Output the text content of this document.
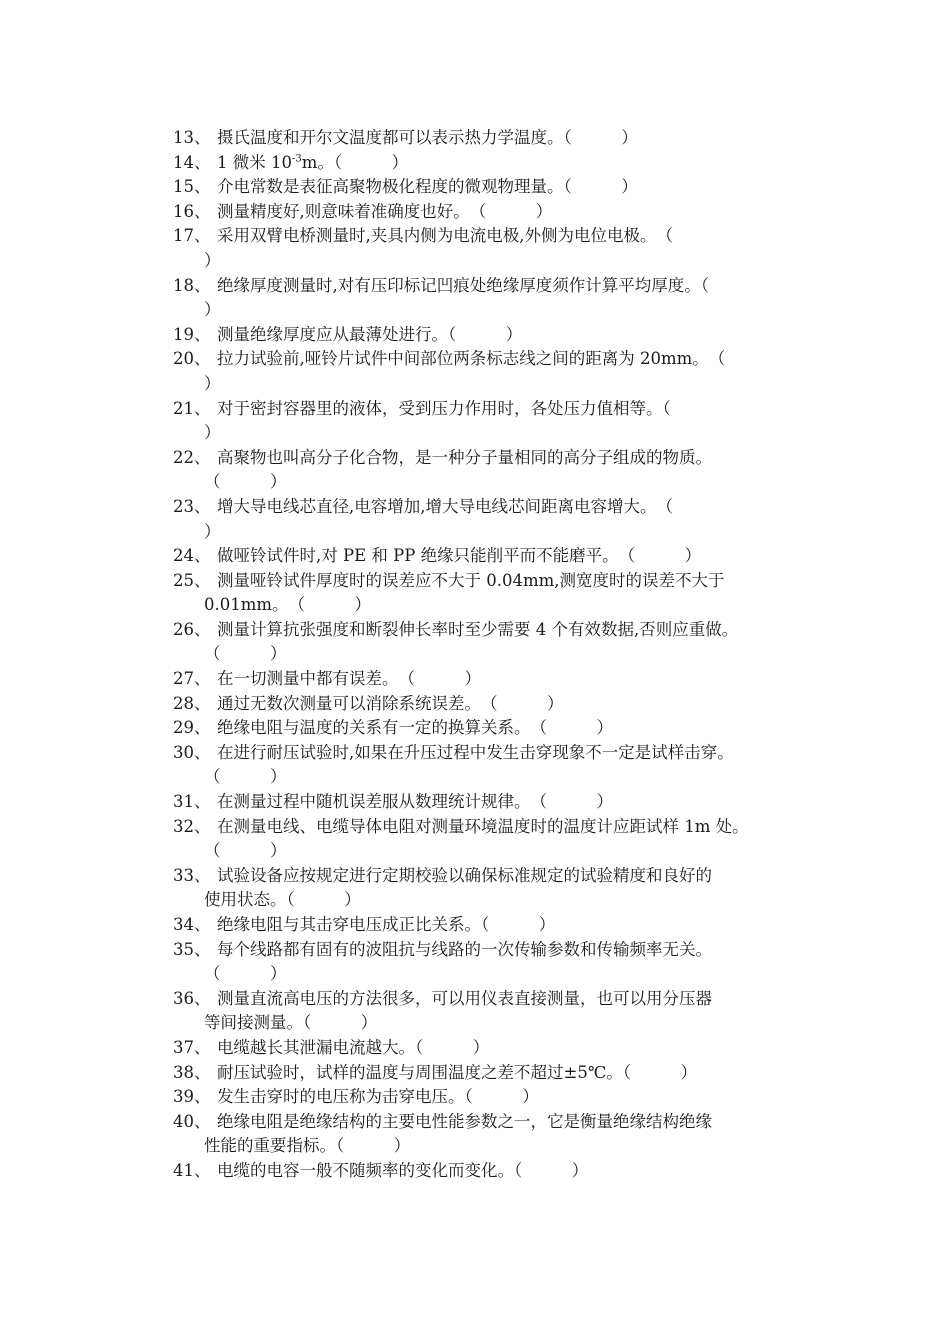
13、 摄氏温度和开尔文温度都可以表示热力学温度。（　　　）
14、 1 微米 $10^{-3}m$。（　　　）
15、 介电常数是表征高聚物极化程度的微观物理量。（　　　）
16、 测量精度好,则意味着准确度也好。　（　　　）
17、 采用双臂电桥测量时,夹具内侧为电流电极,外侧为电位电极。　（
）
18、 绝缘厚度测量时,对有压印标记凹痕处绝缘厚度须作计算平均厚度。（
）
19、 测量绝缘厚度应从最薄处进行。（　　　）
20、 拉力试验前,哑铃片试件中间部位两条标志线之间的距离为 20mm。　（
）
21、 对于密封容器里的液体，受到压力作用时，各处压力值相等。（
）
22、 高聚物也叫高分子化合物，是一种分子量相同的高分子组成的物质。
（　　　）
23、 增大导电线芯直径,电容增加,增大导电线芯间距离电容增大。　（
）
24、 做哑铃试件时,对 PE 和 PP 绝缘只能削平而不能磨平。　（　　　）
25、 测量哑铃试件厚度时的误差应不大于 0.04mm,测宽度时的误差不大于
0.01mm。　（　　　）
26、 测量计算抗张强度和断裂伸长率时至少需要 4 个有效数据,否则应重做。
（　　　）
27、 在一切测量中都有误差。　（　　　）
28、 通过无数次测量可以消除系统误差。　（　　　）
29、 绝缘电阻与温度的关系有一定的换算关系。　（　　　）
30、 在进行耐压试验时,如果在升压过程中发生击穿现象不一定是试样击穿。
（　　　）
31、 在测量过程中随机误差服从数理统计规律。　（　　　）
32、 在测量电线、电缆导体电阻对测量环境温度时的温度计应距试样 1m 处。
（　　　）
33、 试验设备应按规定进行定期校验以确保标准规定的试验精度和良好的
使用状态。（　　　）
34、 绝缘电阻与其击穿电压成正比关系。（　　　）
35、 每个线路都有固有的波阻抗与线路的一次传输参数和传输频率无关。
（　　　）
36、 测量直流高电压的方法很多，可以用仪表直接测量，也可以用分压器
等间接测量。（　　　）
37、 电缆越长其泄漏电流越大。（　　　）
38、 耐压试验时，试样的温度与周围温度之差不超过±5℃。（　　　）
39、 发生击穿时的电压称为击穿电压。（　　　）
40、 绝缘电阻是绝缘结构的主要电性能参数之一，它是衡量绝缘结构绝缘
性能的重要指标。（　　　）
41、 电缆的电容一般不随频率的变化而变化。（　　　）
